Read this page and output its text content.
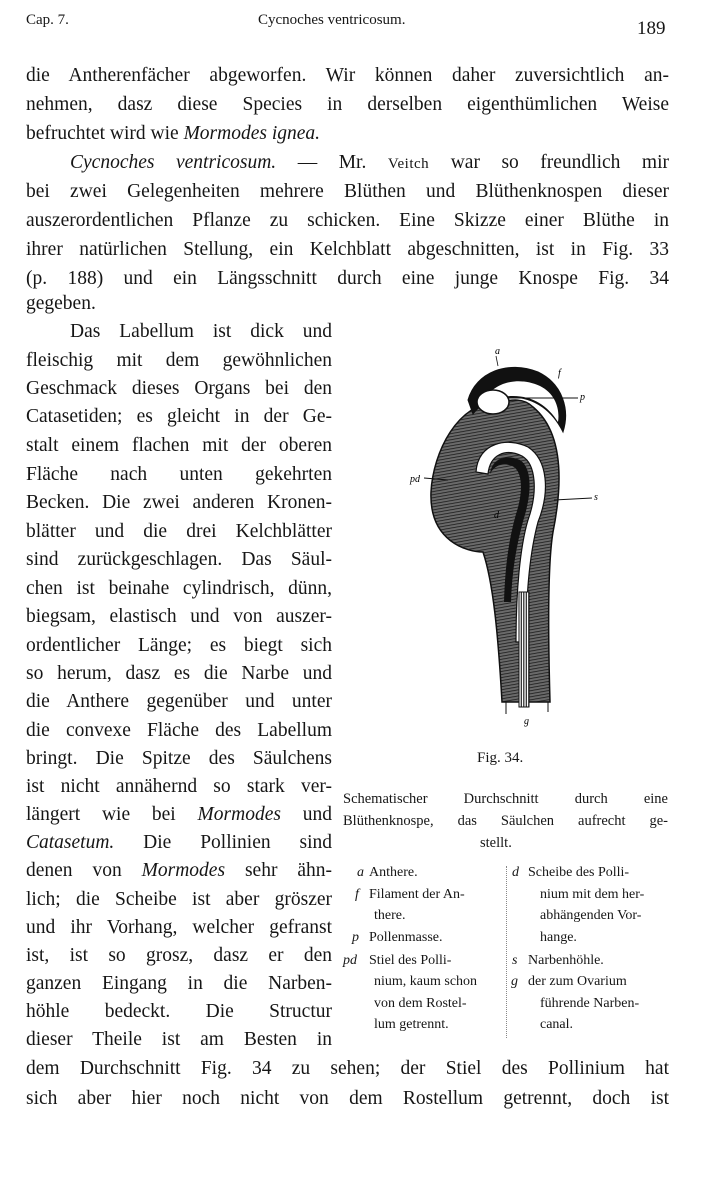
Cap. 7.	Cycnoches ventricosum.	189
die Antherenfächer abgeworfen. Wir können daher zuversichtlich an-
nehmen, dasz diese Species in derselben eigenthümlichen Weise
befruchtet wird wie Mormodes ignea.
Cycnoches ventricosum. — Mr. Veitch war so freundlich mir
bei zwei Gelegenheiten mehrere Blüthen und Blüthenknospen dieser
auszerordentlichen Pflanze zu schicken. Eine Skizze einer Blüthe in
ihrer natürlichen Stellung, ein Kelchblatt abgeschnitten, ist in Fig. 33
(p. 188) und ein Längsschnitt durch eine junge Knospe Fig. 34
gegeben.
Das Labellum ist dick und
fleischig mit dem gewöhnlichen
Geschmack dieses Organs bei den
Catasetiden; es gleicht in der Ge-
stalt einem flachen mit der oberen
Fläche nach unten gekehrten
Becken. Die zwei anderen Kronen-
blätter und die drei Kelchblätter
sind zurückgeschlagen. Das Säul-
chen ist beinahe cylindrisch, dünn,
biegsam, elastisch und von auszer-
ordentlicher Länge; es biegt sich
so herum, dasz es die Narbe und
die Anthere gegenüber und unter
die convexe Fläche des Labellum
bringt. Die Spitze des Säulchens
ist nicht annähernd so stark ver-
längert wie bei Mormodes und
Catasetum. Die Pollinien sind
denen von Mormodes sehr ähn-
lich; die Scheibe ist aber gröszer
und ihr Vorhang, welcher gefranst
ist, ist so grosz, dasz er den
ganzen Eingang in die Narben-
höhle bedeckt. Die Structur
dieser Theile ist am Besten in
dem Durchschnitt Fig. 34 zu sehen; der Stiel des Pollinium hat
sich aber hier noch nicht von dem Rostellum getrennt, doch ist
a
f
p
pd
d
s
g
Fig. 34.
Schematischer Durchschnitt durch eine
Blüthenknospe, das Säulchen aufrecht ge-
stellt.
a Anthere.
f Filament der An-
there.
p Pollenmasse.
pd Stiel des Polli-
nium, kaum schon
von dem Rostel-
lum getrennt.
d Scheibe des Polli-
nium mit dem her-
abhängenden Vor-
hange.
s Narbenhöhle.
g der zum Ovarium
führende Narben-
canal.
